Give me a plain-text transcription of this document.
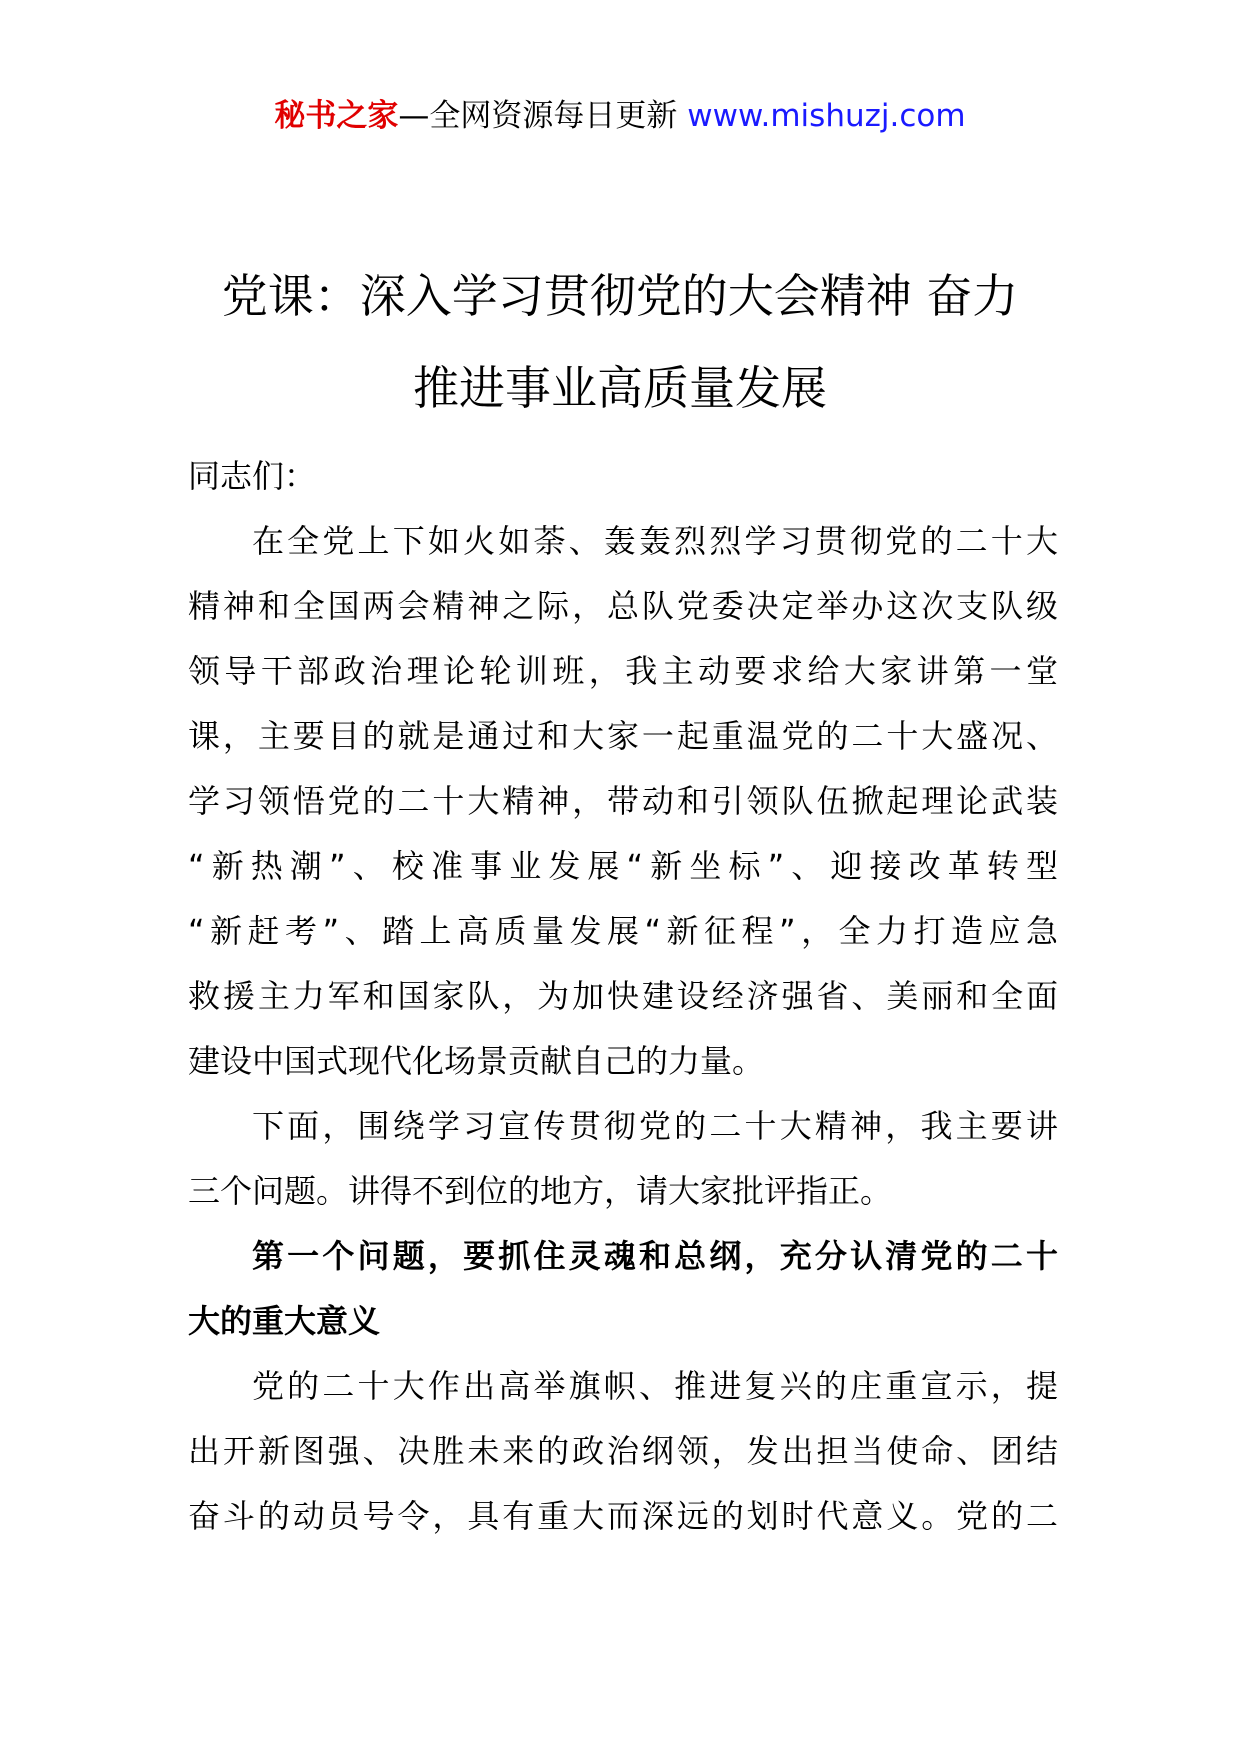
秘书之家—全网资源每日更新 www.mishuzj.com
党课：深入学习贯彻党的大会精神 奋力
推进事业高质量发展
同志们：
在全党上下如火如荼、轰轰烈烈学习贯彻党的二十大
精神和全国两会精神之际，总队党委决定举办这次支队级
领导干部政治理论轮训班，我主动要求给大家讲第一堂
课，主要目的就是通过和大家一起重温党的二十大盛况、
学习领悟党的二十大精神，带动和引领队伍掀起理论武装
“新热潮”、校准事业发展“新坐标”、迎接改革转型
“新赶考”、踏上高质量发展“新征程”，全力打造应急
救援主力军和国家队，为加快建设经济强省、美丽和全面
建设中国式现代化场景贡献自己的力量。
下面，围绕学习宣传贯彻党的二十大精神，我主要讲
三个问题。讲得不到位的地方，请大家批评指正。
第一个问题，要抓住灵魂和总纲，充分认清党的二十
大的重大意义
党的二十大作出高举旗帜、推进复兴的庄重宣示，提
出开新图强、决胜未来的政治纲领，发出担当使命、团结
奋斗的动员号令，具有重大而深远的划时代意义。党的二
